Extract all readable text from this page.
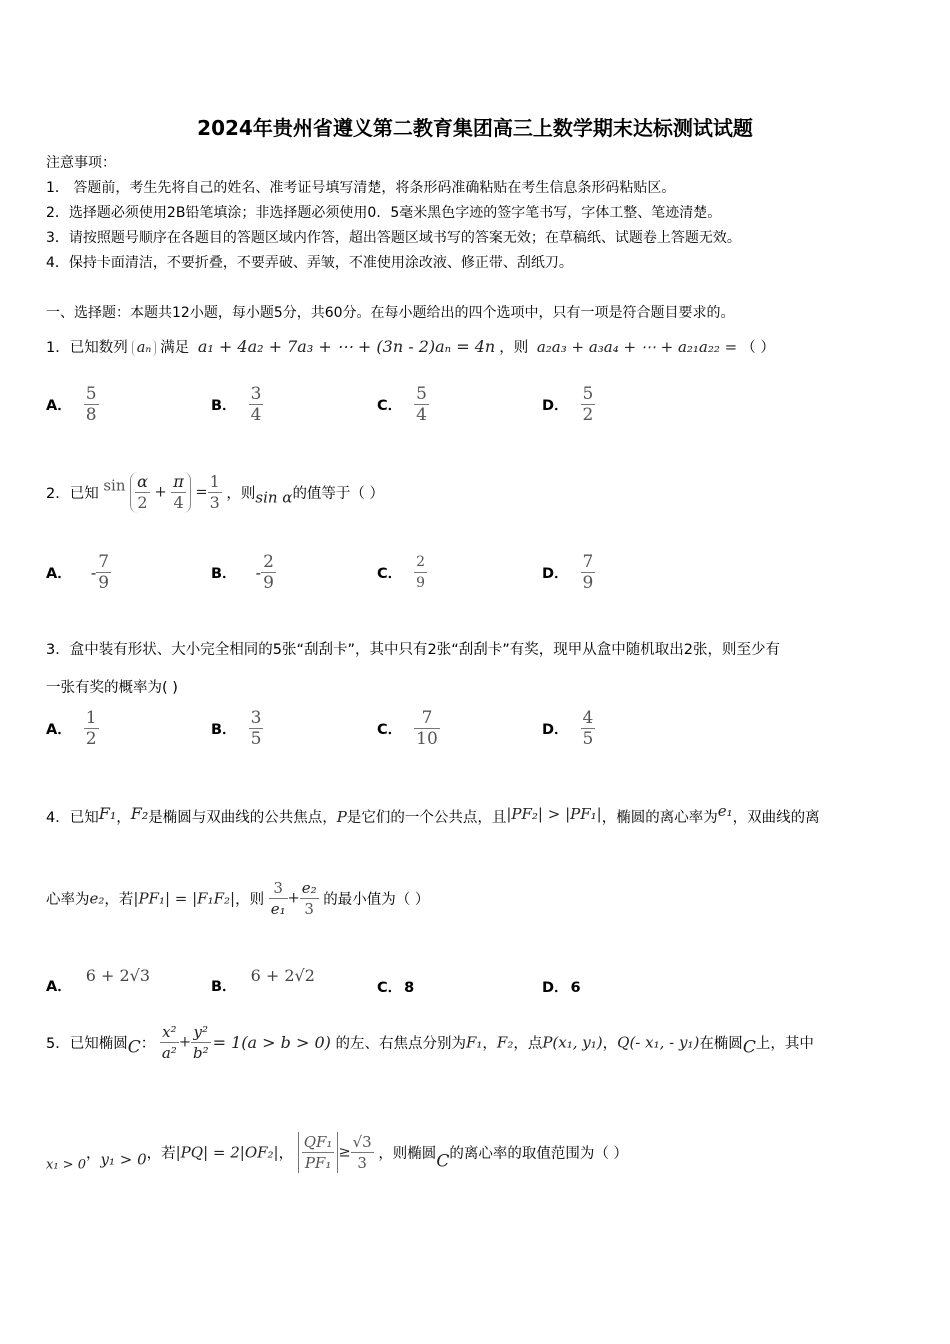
2024年贵州省遵义第二教育集团高三上数学期末达标测试试题
注意事项：
1． 答题前，考生先将自己的姓名、准考证号填写清楚，将条形码准确粘贴在考生信息条形码粘贴区。
2．选择题必须使用2B铅笔填涂；非选择题必须使用0．5毫米黑色字迹的签字笔书写，字体工整、笔迹清楚。
3．请按照题号顺序在各题目的答题区域内作答，超出答题区域书写的答案无效；在草稿纸、试题卷上答题无效。
4．保持卡面清洁，不要折叠，不要弄破、弄皱，不准使用涂改液、修正带、刮纸刀。
一、选择题：本题共12小题，每小题5分，共60分。在每小题给出的四个选项中，只有一项是符合题目要求的。
1．已知数列 aₙ 满足 a₁ + 4a₂ + 7a₃ + ⋯ + (3n - 2)aₙ = 4n ，则 a₂a₃ + a₃a₄ + ⋯ + a₂₁a₂₂ = （ ）
A． $\frac{5}{8}$	B． $\frac{3}{4}$	C． $\frac{5}{4}$	D． $\frac{5}{2}$
2．已知 $\sin \frac{\alpha}{2} + \frac{\pi}{4} = \frac{1}{3}$ ，则sin α的值等于（ ）
A． - $\frac{7}{9}$	B． - $\frac{2}{9}$	C． $\frac{2}{9}$	D． $\frac{7}{9}$
3．盒中装有形状、大小完全相同的5张“刮刮卡”，其中只有2张“刮刮卡”有奖，现甲从盒中随机取出2张，则至少有
一张有奖的概率为( )
A． $\frac{1}{2}$	B． $\frac{3}{5}$	C． $\frac{7}{10}$	D． $\frac{4}{5}$
4．已知F₁，F₂是椭圆与双曲线的公共焦点，P是它们的一个公共点，且|PF₂| > |PF₁|，椭圆的离心率为e₁，双曲线的离
心率为e₂，若|PF₁| = |F₁F₂|，则 $\frac{3}{\text{e₁}} + \frac{\text{e₂}}{3}$ 的最小值为（ ）
A．6 + 2√3
B．6 + 2√2
C． 8	D． 6
5．已知椭圆C： $\frac{\text{x²}}{\text{a²}} + \frac{\text{y²}}{\text{b²}} = 1(a > b > 0)$ 的左、右焦点分别为F₁，F₂，点P(x₁, y₁)，Q(- x₁, - y₁)在椭圆C上，其中
x₁ > 0，y₁ > 0，若|PQ| = 2|OF₂|， $\frac{\text{QF₁}}{\text{PF₁}} \ge \frac{√3}{3}$ ，则椭圆C的离心率的取值范围为（ ）
